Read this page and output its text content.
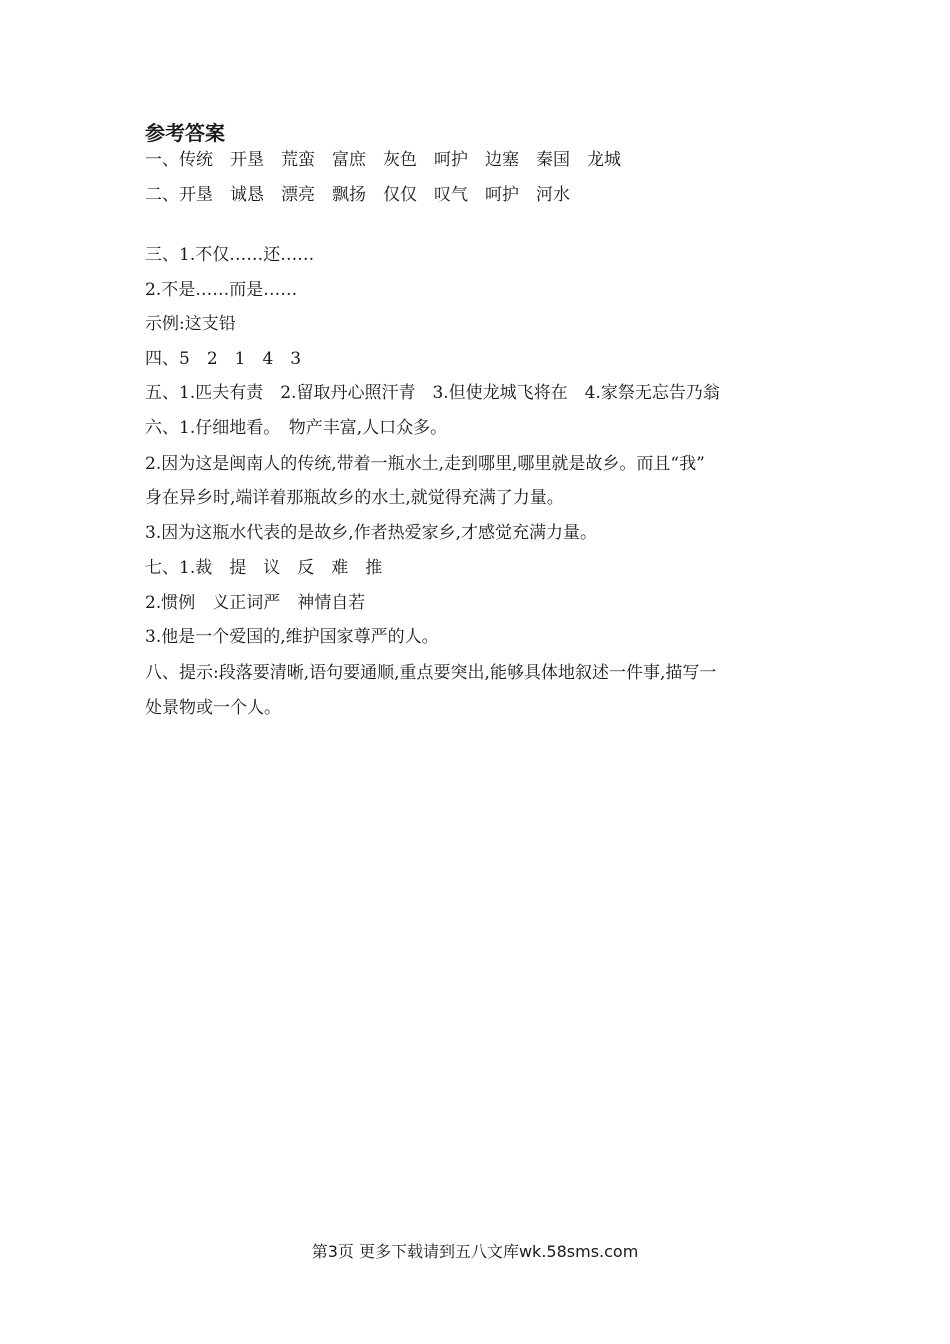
参考答案
一、传统　开垦　荒蛮　富庶　灰色　呵护　边塞　秦国　龙城
二、开垦　诚恳　漂亮　飘扬　仅仅　叹气　呵护　河水
三、1.不仅……还……
2.不是……而是……
示例:这支铅
四、5　2　1　4　3
五、1.匹夫有责　2.留取丹心照汗青　3.但使龙城飞将在　4.家祭无忘告乃翁
六、1.仔细地看。　物产丰富,人口众多。
2.因为这是闽南人的传统,带着一瓶水土,走到哪里,哪里就是故乡。而且“我”
身在异乡时,端详着那瓶故乡的水土,就觉得充满了力量。
3.因为这瓶水代表的是故乡,作者热爱家乡,才感觉充满力量。
七、1.裁　提　议　反　难　推
2.惯例　义正词严　神情自若
3.他是一个爱国的,维护国家尊严的人。
八、提示:段落要清晰,语句要通顺,重点要突出,能够具体地叙述一件事,描写一
处景物或一个人。
第3页 更多下载请到五八文库wk.58sms.com
